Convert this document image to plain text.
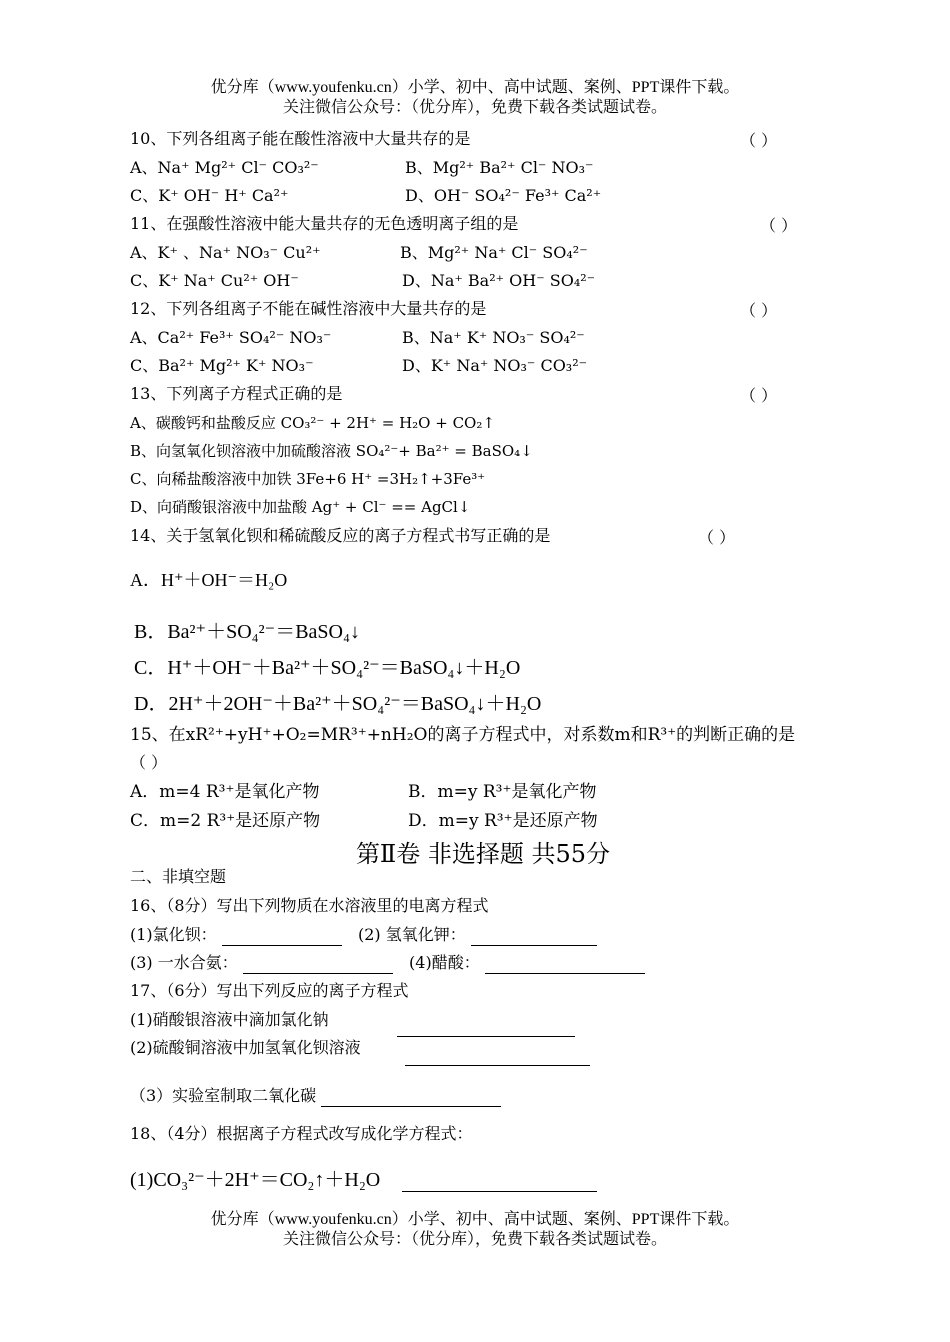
优分库（www.youfenku.cn）小学、初中、高中试题、案例、PPT课件下载。
关注微信公众号：（优分库），免费下载各类试题试卷。
10、下列各组离子能在酸性溶液中大量共存的是	（ ）
A、Na⁺ Mg²⁺ Cl⁻ CO₃²⁻	B、Mg²⁺ Ba²⁺ Cl⁻ NO₃⁻
C、K⁺ OH⁻ H⁺ Ca²⁺	D、OH⁻ SO₄²⁻ Fe³⁺ Ca²⁺
11、在强酸性溶液中能大量共存的无色透明离子组的是	（ ）
A、K⁺ 、Na⁺ NO₃⁻ Cu²⁺	B、Mg²⁺ Na⁺ Cl⁻ SO₄²⁻
C、K⁺ Na⁺ Cu²⁺ OH⁻	D、Na⁺ Ba²⁺ OH⁻ SO₄²⁻
12、下列各组离子不能在碱性溶液中大量共存的是	（ ）
A、Ca²⁺ Fe³⁺ SO₄²⁻ NO₃⁻	B、Na⁺ K⁺ NO₃⁻ SO₄²⁻
C、Ba²⁺ Mg²⁺ K⁺ NO₃⁻	D、K⁺ Na⁺ NO₃⁻ CO₃²⁻
13、下列离子方程式正确的是	（ ）
A、碳酸钙和盐酸反应 CO₃²⁻ + 2H⁺ = H₂O + CO₂↑
B、向氢氧化钡溶液中加硫酸溶液 SO₄²⁻+ Ba²⁺ = BaSO₄↓
C、向稀盐酸溶液中加铁 3Fe+6 H⁺ =3H₂↑+3Fe³⁺
D、向硝酸银溶液中加盐酸 Ag⁺ + Cl⁻ == AgCl↓
14、关于氢氧化钡和稀硫酸反应的离子方程式书写正确的是	（ ）
A．H⁺＋OH⁻＝H₂O
B．Ba²⁺＋SO₄²⁻＝BaSO₄↓
C．H⁺＋OH⁻＋Ba²⁺＋SO₄²⁻＝BaSO₄↓＋H₂O
D．2H⁺＋2OH⁻＋Ba²⁺＋SO₄²⁻＝BaSO₄↓＋H₂O
15、在xR²⁺+yH⁺+O₂=MR³⁺+nH₂O的离子方程式中，对系数m和R³⁺的判断正确的是
（ ）
A．m=4 R³⁺是氧化产物	B．m=y R³⁺是氧化产物
C．m=2 R³⁺是还原产物	D．m=y R³⁺是还原产物
第Ⅱ卷 非选择题 共55分
二、非填空题
16、（8分）写出下列物质在水溶液里的电离方程式
(1)氯化钡：	(2) 氢氧化钾：
(3) 一水合氨：	(4)醋酸：
17、（6分）写出下列反应的离子方程式
(1)硝酸银溶液中滴加氯化钠
(2)硫酸铜溶液中加氢氧化钡溶液
（3）实验室制取二氧化碳
18、（4分）根据离子方程式改写成化学方程式：
(1)CO₃²⁻＋2H⁺＝CO₂↑＋H₂O
优分库（www.youfenku.cn）小学、初中、高中试题、案例、PPT课件下载。
关注微信公众号：（优分库），免费下载各类试题试卷。
